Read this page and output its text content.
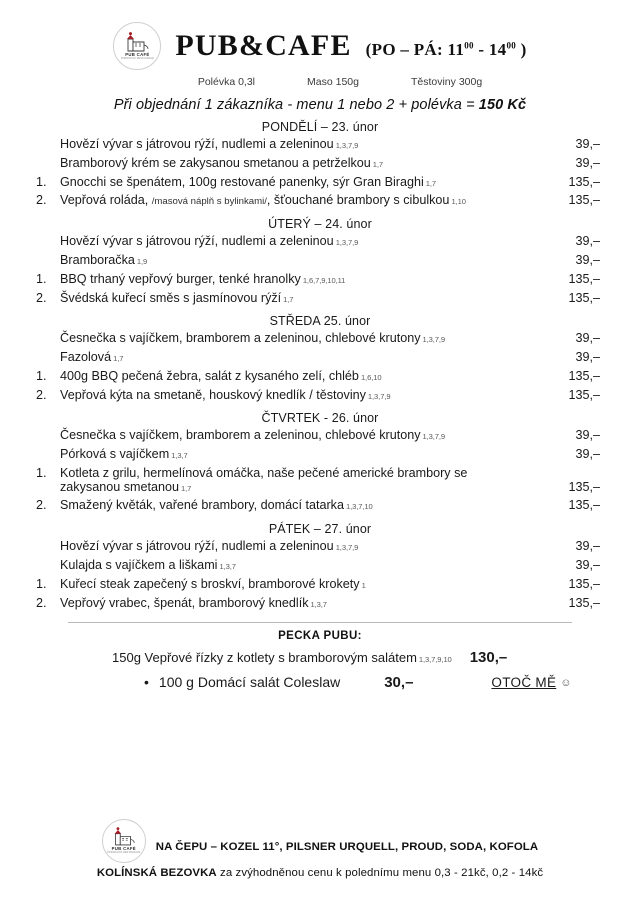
PUB CAFÉ
PODNIKOVÁ RESTAURACE PUB&CAFE (PO – PÁ: $11^{00} - 14^{00}$ )
Polévka 0,3l	Maso 150g	Těstoviny 300g
Při objednání 1 zákazníka - menu 1 nebo 2 + polévka = 150 Kč
PONDĚLÍ – 23. únor
Hovězí vývar s játrovou rýží, nudlemi a zeleninou 1,3,7,9	39,–
Bramborový krém se zakysanou smetanou a petrželkou 1,7	39,–
1.	Gnocchi se špenátem, 100g restované panenky, sýr Gran Biraghi 1,7	135,–
2.	Vepřová roláda, /masová náplň s bylinkami/, šťouchané brambory s cibulkou 1,10	135,–
ÚTERÝ – 24. únor
Hovězí vývar s játrovou rýží, nudlemi a zeleninou 1,3,7,9	39,–
Bramboračka 1,9	39,–
1.	BBQ trhaný vepřový burger, tenké hranolky 1,6,7,9,10,11	135,–
2.	Švédská kuřecí směs s jasmínovou rýží 1,7	135,–
STŘEDA 25. únor
Česnečka s vajíčkem, bramborem a zeleninou, chlebové krutony 1,3,7,9	39,–
Fazolová 1,7	39,–
1.	400g BBQ pečená žebra, salát z kysaného zelí, chléb 1,6,10	135,–
2.	Vepřová kýta na smetaně, houskový knedlík / těstoviny 1,3,7,9	135,–
ČTVRTEK - 26. únor
Česnečka s vajíčkem, bramborem a zeleninou, chlebové krutony 1,3,7,9	39,–
Pórková s vajíčkem 1,3,7	39,–
1.	Kotleta z grilu, hermelínová omáčka, naše pečené americké brambory se
zakysanou smetanou 1,7	135,–
2.	Smažený květák, vařené brambory, domácí tatarka 1,3,7,10	135,–
PÁTEK – 27. únor
Hovězí vývar s játrovou rýží, nudlemi a zeleninou 1,3,7,9	39,–
Kulajda s vajíčkem a liškami 1,3,7	39,–
1.	Kuřecí steak zapečený s broskví, bramborové krokety 1	135,–
2.	Vepřový vrabec, špenát, bramborový knedlík 1,3,7	135,–
PECKA PUBU:
150g Vepřové řízky z kotlety s bramborovým salátem 1,3,7,9,10 130,–
• 100 g Domácí salát Coleslaw	30,–	OTOČ MĚ ☺
PUB CAFÉ
PODNIKOVÁ RESTAURACE NA ČEPU – KOZEL 11°, PILSNER URQUELL, PROUD, SODA, KOFOLA
KOLÍNSKÁ BEZOVKA za zvýhodněnou cenu k polednímu menu 0,3 - 21kč, 0,2 - 14kč
